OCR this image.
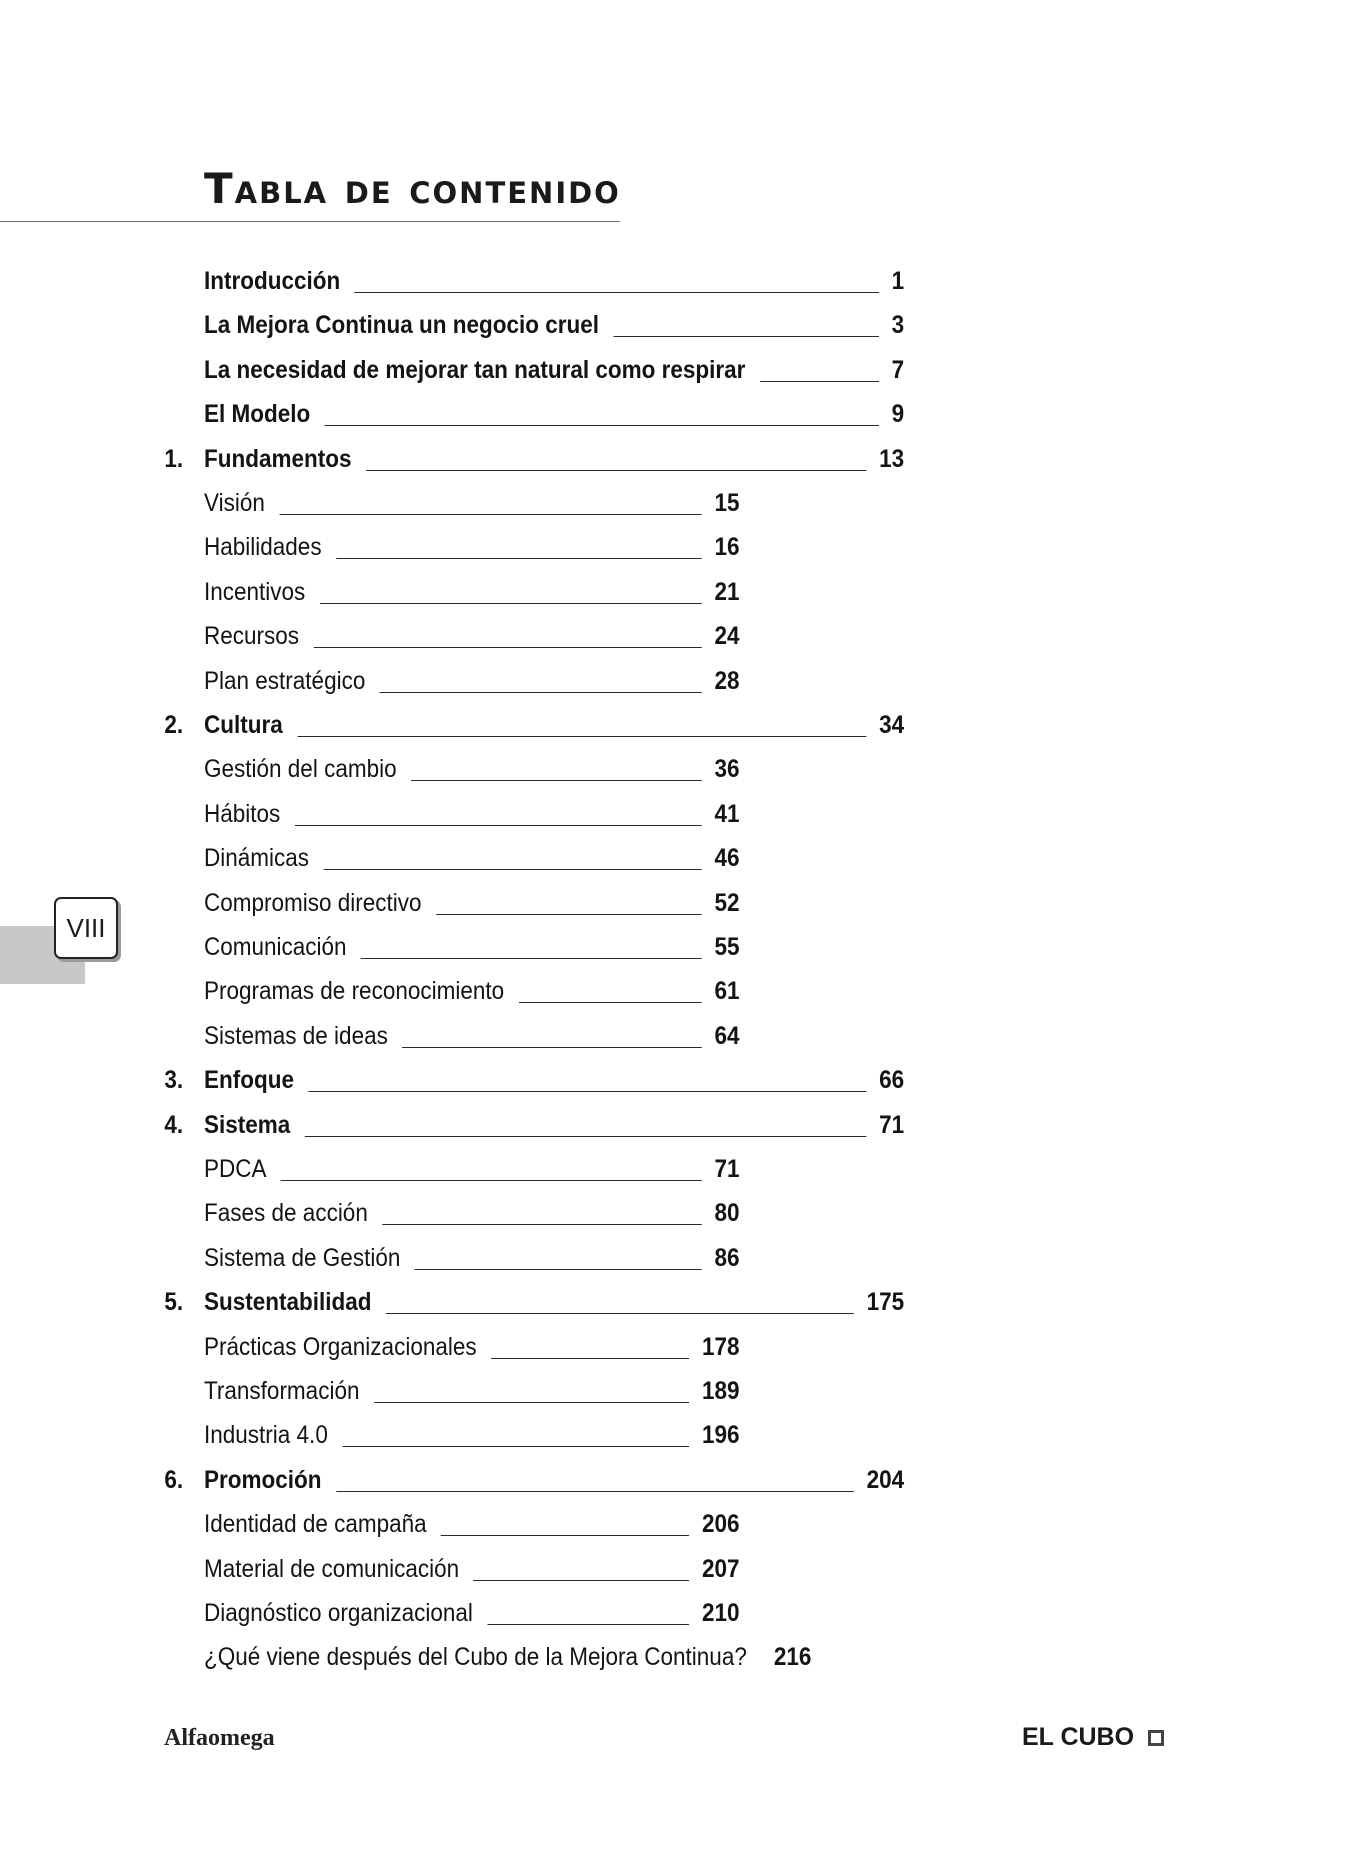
Tabla de contenido
Introducción	1
La Mejora Continua un negocio cruel	3
La necesidad de mejorar tan natural como respirar	7
El Modelo	9
1. Fundamentos	13
Visión	15
Habilidades	16
Incentivos	21
Recursos	24
Plan estratégico	28
2. Cultura	34
Gestión del cambio	36
Hábitos	41
Dinámicas	46
Compromiso directivo	52
Comunicación	55
Programas de reconocimiento	61
Sistemas de ideas	64
3. Enfoque	66
4. Sistema	71
PDCA	71
Fases de acción	80
Sistema de Gestión	86
5. Sustentabilidad	175
Prácticas Organizacionales	178
Transformación	189
Industria 4.0	196
6. Promoción	204
Identidad de campaña	206
Material de comunicación	207
Diagnóstico organizacional	210
¿Qué viene después del Cubo de la Mejora Continua? 216
VIII
Alfaomega	EL CUBO
